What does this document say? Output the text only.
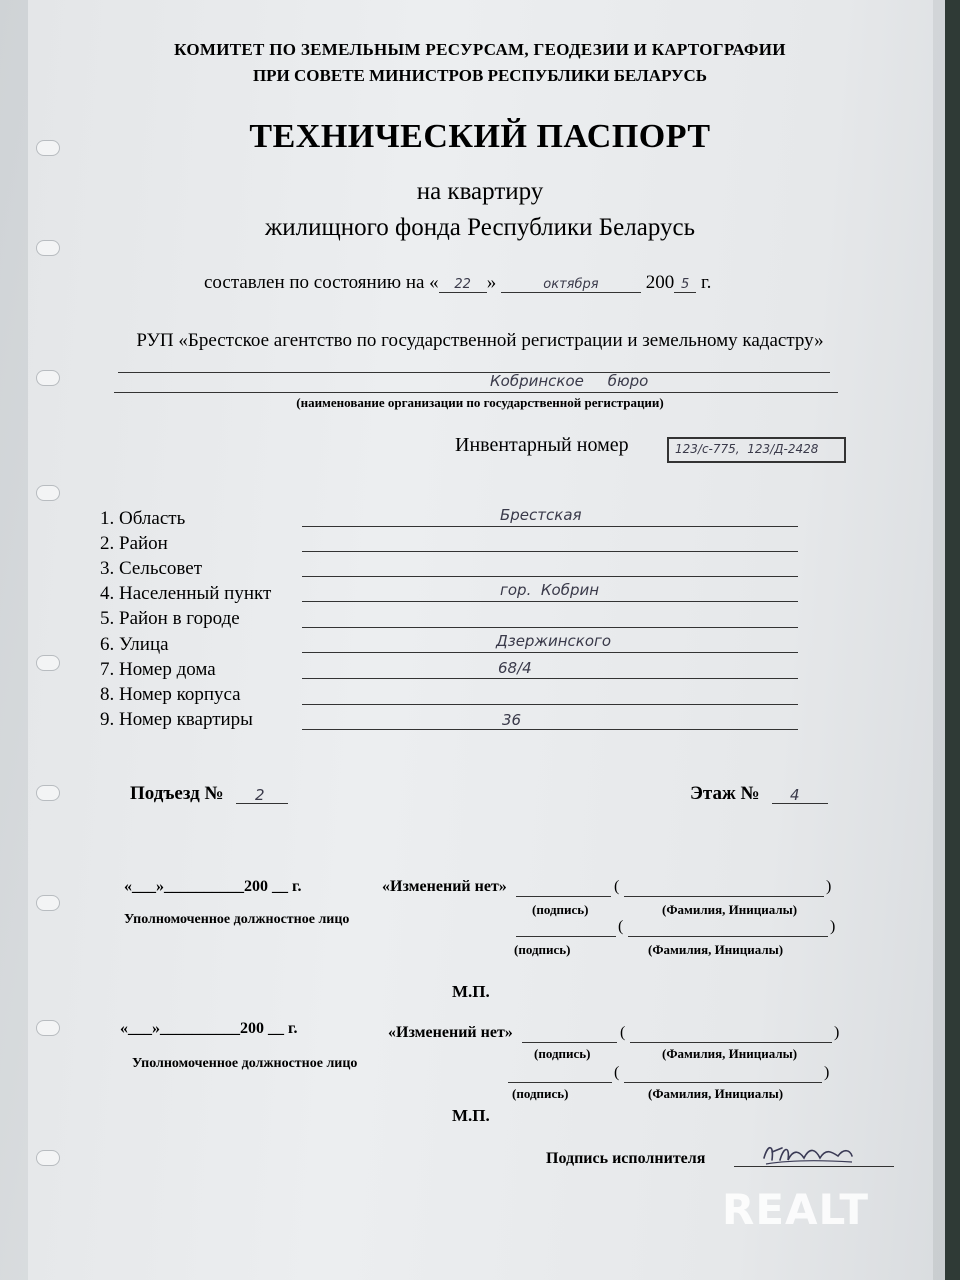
КОМИТЕТ ПО ЗЕМЕЛЬНЫМ РЕСУРСАМ, ГЕОДЕЗИИ И КАРТОГРАФИИ
ПРИ СОВЕТЕ МИНИСТРОВ РЕСПУБЛИКИ БЕЛАРУСЬ
ТЕХНИЧЕСКИЙ ПАСПОРТ
на квартиру
жилищного фонда Республики Беларусь
составлен по состоянию на « 22 »	октября 200 5 г.
РУП «Брестское агентство по государственной регистрации и земельному кадастру»
Кобринское     бюро
(наименование организации по государственной регистрации)
Инвентарный номер	123/с-775,  123/Д-2428
1. Область	Брестская
2. Район
3. Сельсовет
4. Населенный пункт	гор.  Кобрин
5. Район в городе
6. Улица	Дзержинского
7. Номер дома	68/4
8. Номер корпуса
9. Номер квартиры	36
Подъезд № 2	Этаж № 4
«___»__________200 __ г.	«Изменений нет»	(	)
(подпись)	(Фамилия, Инициалы)
Уполномоченное должностное лицо	(	)
(подпись)	(Фамилия, Инициалы)
М.П.
«___»__________200 __ г.	«Изменений нет»	(	)
(подпись)	(Фамилия, Инициалы)
Уполномоченное должностное лицо
(	)
(подпись)	(Фамилия, Инициалы)
М.П.
Подпись исполнителя
REALT
